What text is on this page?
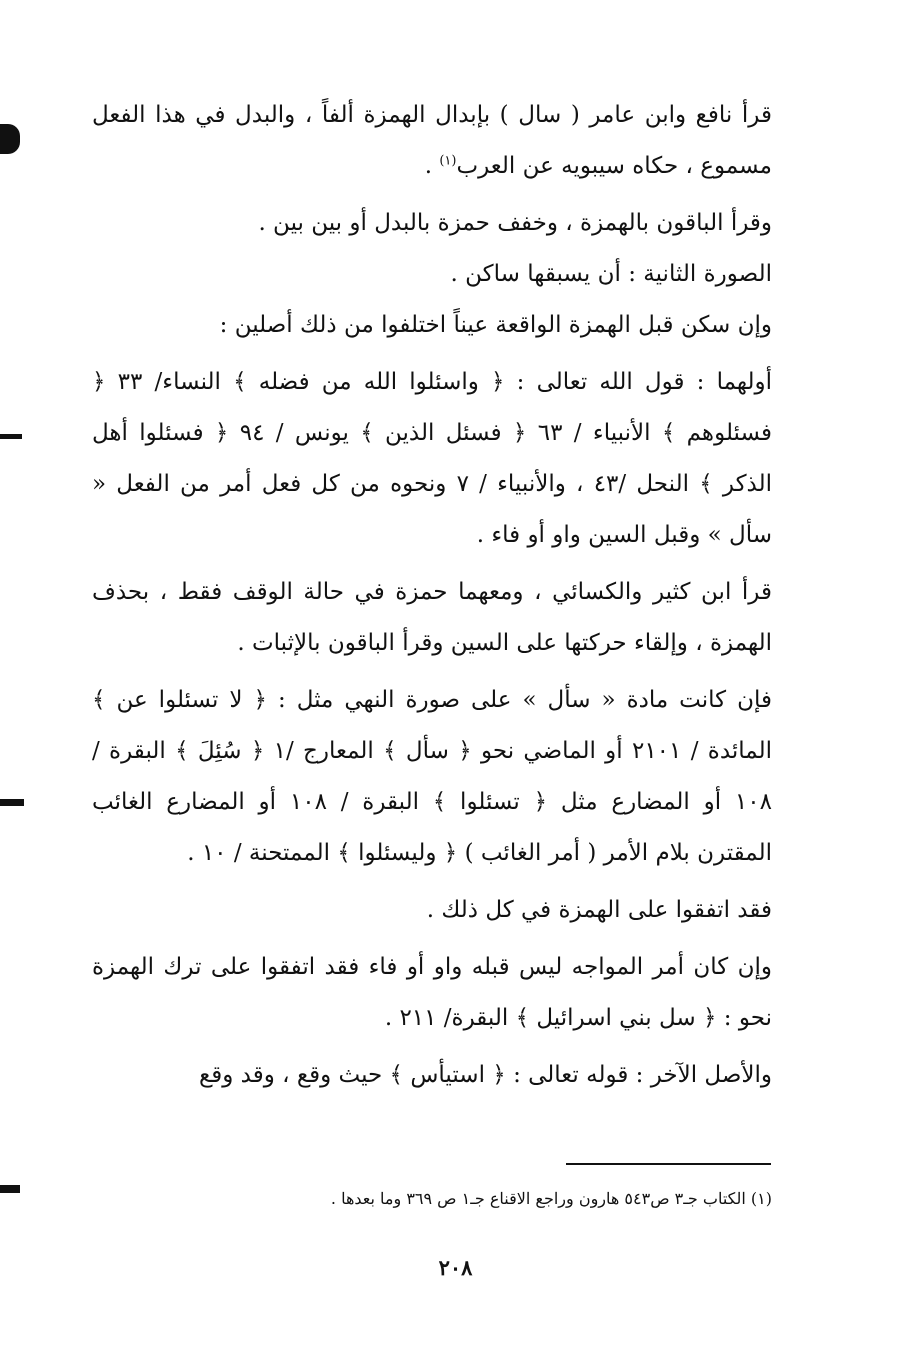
قرأ نافع وابن عامر ( سال ) بإبدال الهمزة ألفاً ، والبدل في هذا الفعل مسموع ، حكاه سيبويه عن العرب$^{(١)}$ .

وقرأ الباقون بالهمزة ، وخفف حمزة بالبدل أو بين بين .

الصورة الثانية : أن يسبقها ساكن .

وإن سكن قبل الهمزة الواقعة عيناً اختلفوا من ذلك أصلين :

أولهما : قول الله تعالى : ﴿ واسئلوا الله من فضله ﴾ النساء/ ٣٣ ﴿ فسئلوهم ﴾ الأنبياء / ٦٣ ﴿ فسئل الذين ﴾ يونس / ٩٤ ﴿ فسئلوا أهل الذكر ﴾ النحل /٤٣ ، والأنبياء / ٧ ونحوه من كل فعل أمر من الفعل « سأل » وقبل السين واو أو فاء .

قرأ ابن كثير والكسائي ، ومعهما حمزة في حالة الوقف فقط ، بحذف الهمزة ، وإلقاء حركتها على السين وقرأ الباقون بالإثبات .

فإن كانت مادة « سأل » على صورة النهي مثل : ﴿ لا تسئلوا عن ﴾ المائدة / ٢١٠١ أو الماضي نحو ﴿ سأل ﴾ المعارج /١ ﴿ سُئِلَ ﴾ البقرة / ١٠٨ أو المضارع مثل ﴿ تسئلوا ﴾ البقرة / ١٠٨ أو المضارع الغائب المقترن بلام الأمر ( أمر الغائب ) ﴿ وليسئلوا ﴾ الممتحنة / ١٠ .

فقد اتفقوا على الهمزة في كل ذلك .

وإن كان أمر المواجه ليس قبله واو أو فاء فقد اتفقوا على ترك الهمزة نحو : ﴿ سل بني اسرائيل ﴾ البقرة/ ٢١١ .

والأصل الآخر : قوله تعالى : ﴿ استيأس ﴾ حيث وقع ، وقد وقع

(١) الكتاب جـ٣ ص٥٤٣ هارون وراجع الاقناع جـ١ ص ٣٦٩ وما بعدها .
٢٠٨
